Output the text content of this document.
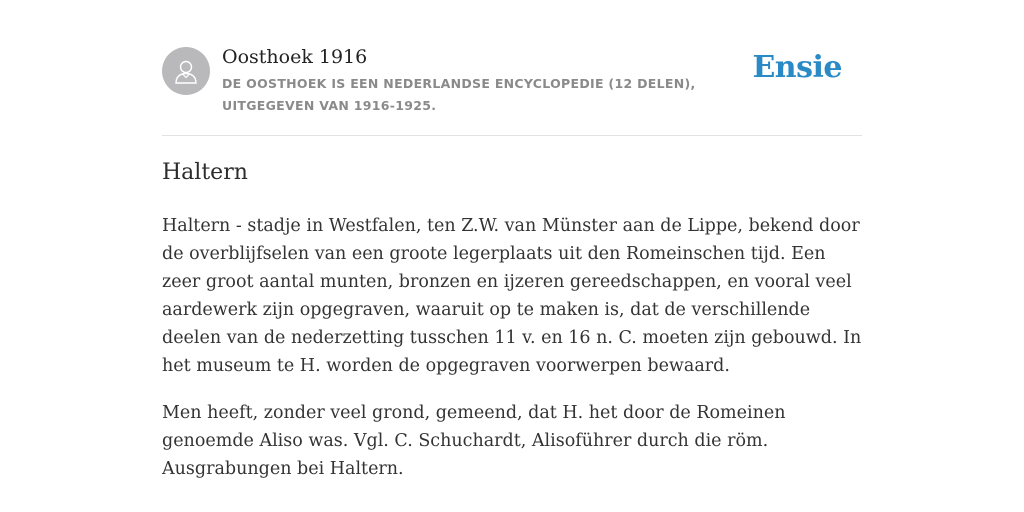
Oosthoek 1916
DE OOSTHOEK IS EEN NEDERLANDSE ENCYCLOPEDIE (12 DELEN), UITGEGEVEN VAN 1916-1925.
Ensie
Haltern

Haltern - stadje in Westfalen, ten Z.W. van Münster aan de Lippe, bekend door de overblijfselen van een groote legerplaats uit den Romeinschen tijd. Een zeer groot aantal munten, bronzen en ijzeren gereedschappen, en vooral veel aardewerk zijn opgegraven, waaruit op te maken is, dat de verschillende deelen van de nederzetting tusschen 11 v. en 16 n. C. moeten zijn gebouwd. In het museum te H. worden de opgegraven voorwerpen bewaard.

Men heeft, zonder veel grond, gemeend, dat H. het door de Romeinen genoemde Aliso was. Vgl. C. Schuchardt, Alisoführer durch die röm. Ausgrabungen bei Haltern.
